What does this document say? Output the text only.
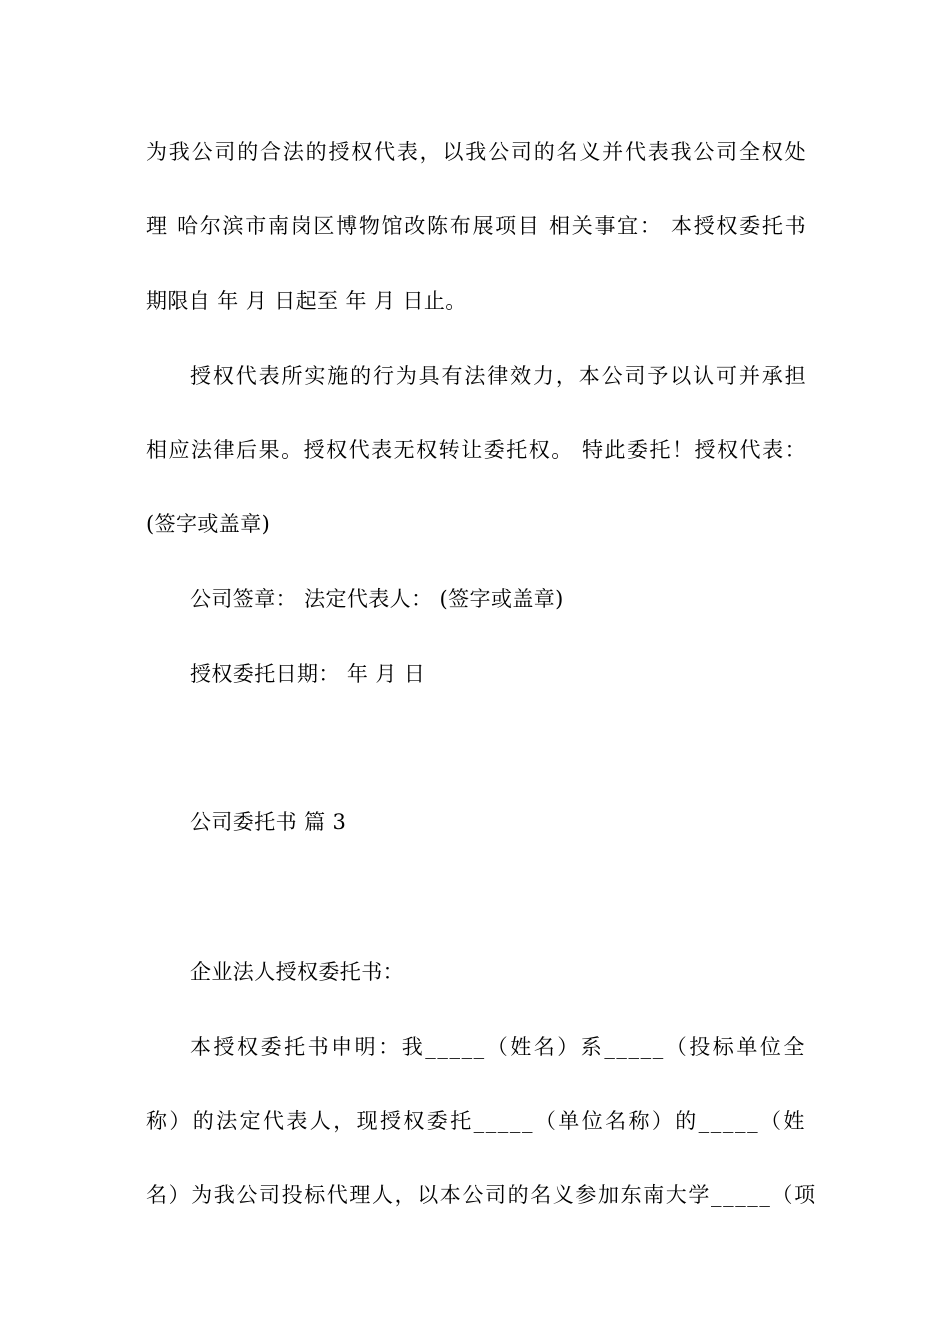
为我公司的合法的授权代表，以我公司的名义并代表我公司全权处
理 哈尔滨市南岗区博物馆改陈布展项目 相关事宜： 本授权委托书
期限自 年 月 日起至 年 月 日止。
授权代表所实施的行为具有法律效力，本公司予以认可并承担
相应法律后果。授权代表无权转让委托权。 特此委托！授权代表：
(签字或盖章)
公司签章： 法定代表人： (签字或盖章)
授权委托日期： 年 月 日
公司委托书 篇 3
企业法人授权委托书：
本授权委托书申明：我_____（姓名）系_____（投标单位全
称）的法定代表人，现授权委托_____（单位名称）的_____（姓
名）为我公司投标代理人，以本公司的名义参加东南大学_____（项
